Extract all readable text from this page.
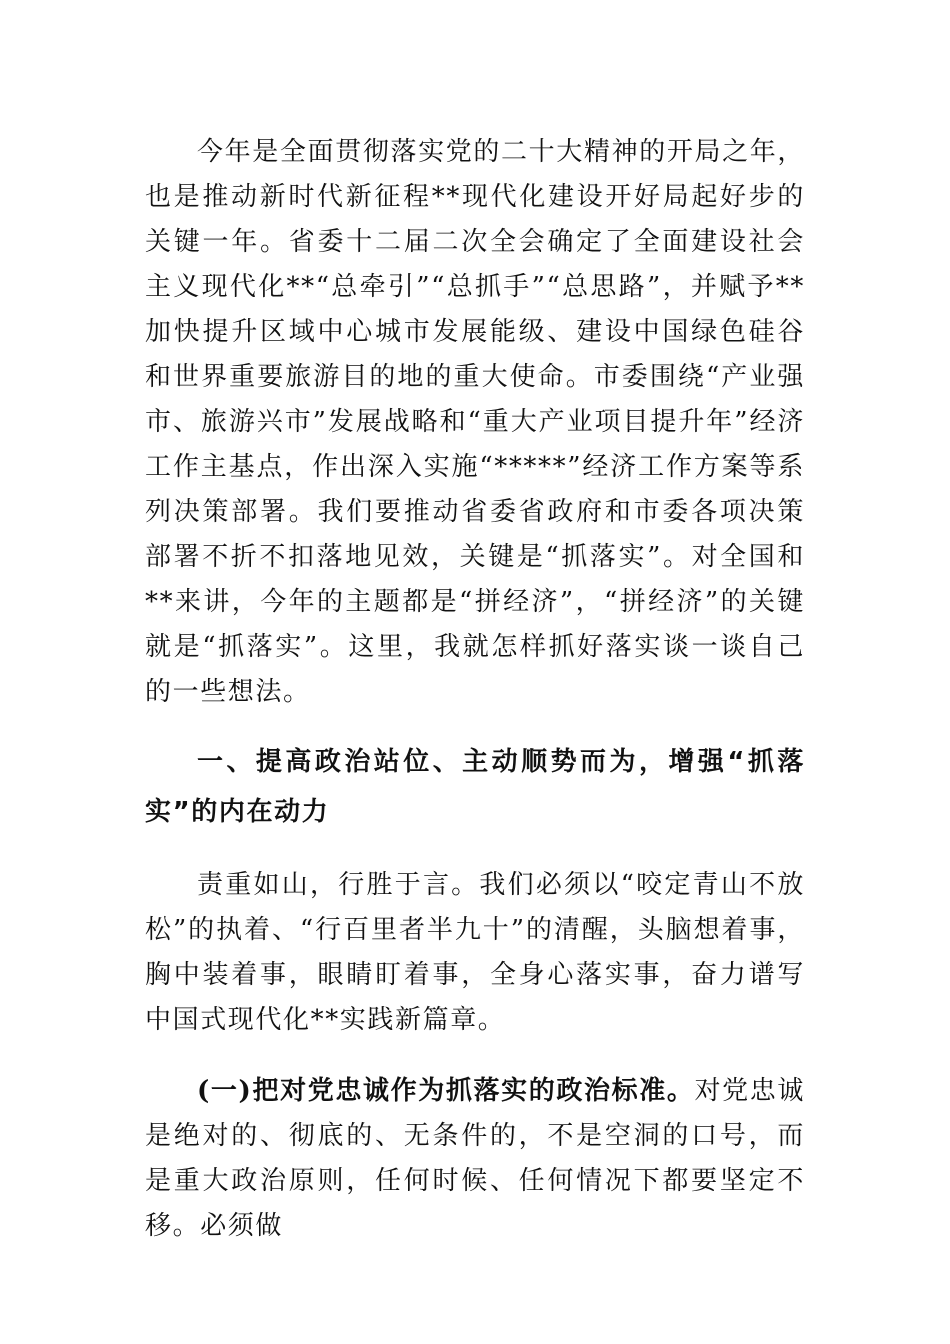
今年是全面贯彻落实党的二十大精神的开局之年，也是推动新时代新征程**现代化建设开好局起好步的关键一年。省委十二届二次全会确定了全面建设社会主义现代化**“总牵引”“总抓手”“总思路”，并赋予**加快提升区域中心城市发展能级、建设中国绿色硅谷和世界重要旅游目的地的重大使命。市委围绕“产业强市、旅游兴市”发展战略和“重大产业项目提升年”经济工作主基点，作出深入实施“*****”经济工作方案等系列决策部署。我们要推动省委省政府和市委各项决策部署不折不扣落地见效，关键是“抓落实”。对全国和**来讲，今年的主题都是“拼经济”，“拼经济”的关键就是“抓落实”。这里，我就怎样抓好落实谈一谈自己的一些想法。

一、提高政治站位、主动顺势而为，增强“抓落实”的内在动力

责重如山，行胜于言。我们必须以“咬定青山不放松”的执着、“行百里者半九十”的清醒，头脑想着事，胸中装着事，眼睛盯着事，全身心落实事，奋力谱写中国式现代化**实践新篇章。

(一)把对党忠诚作为抓落实的政治标准。对党忠诚是绝对的、彻底的、无条件的，不是空洞的口号，而是重大政治原则，任何时候、任何情况下都要坚定不移。必须做
